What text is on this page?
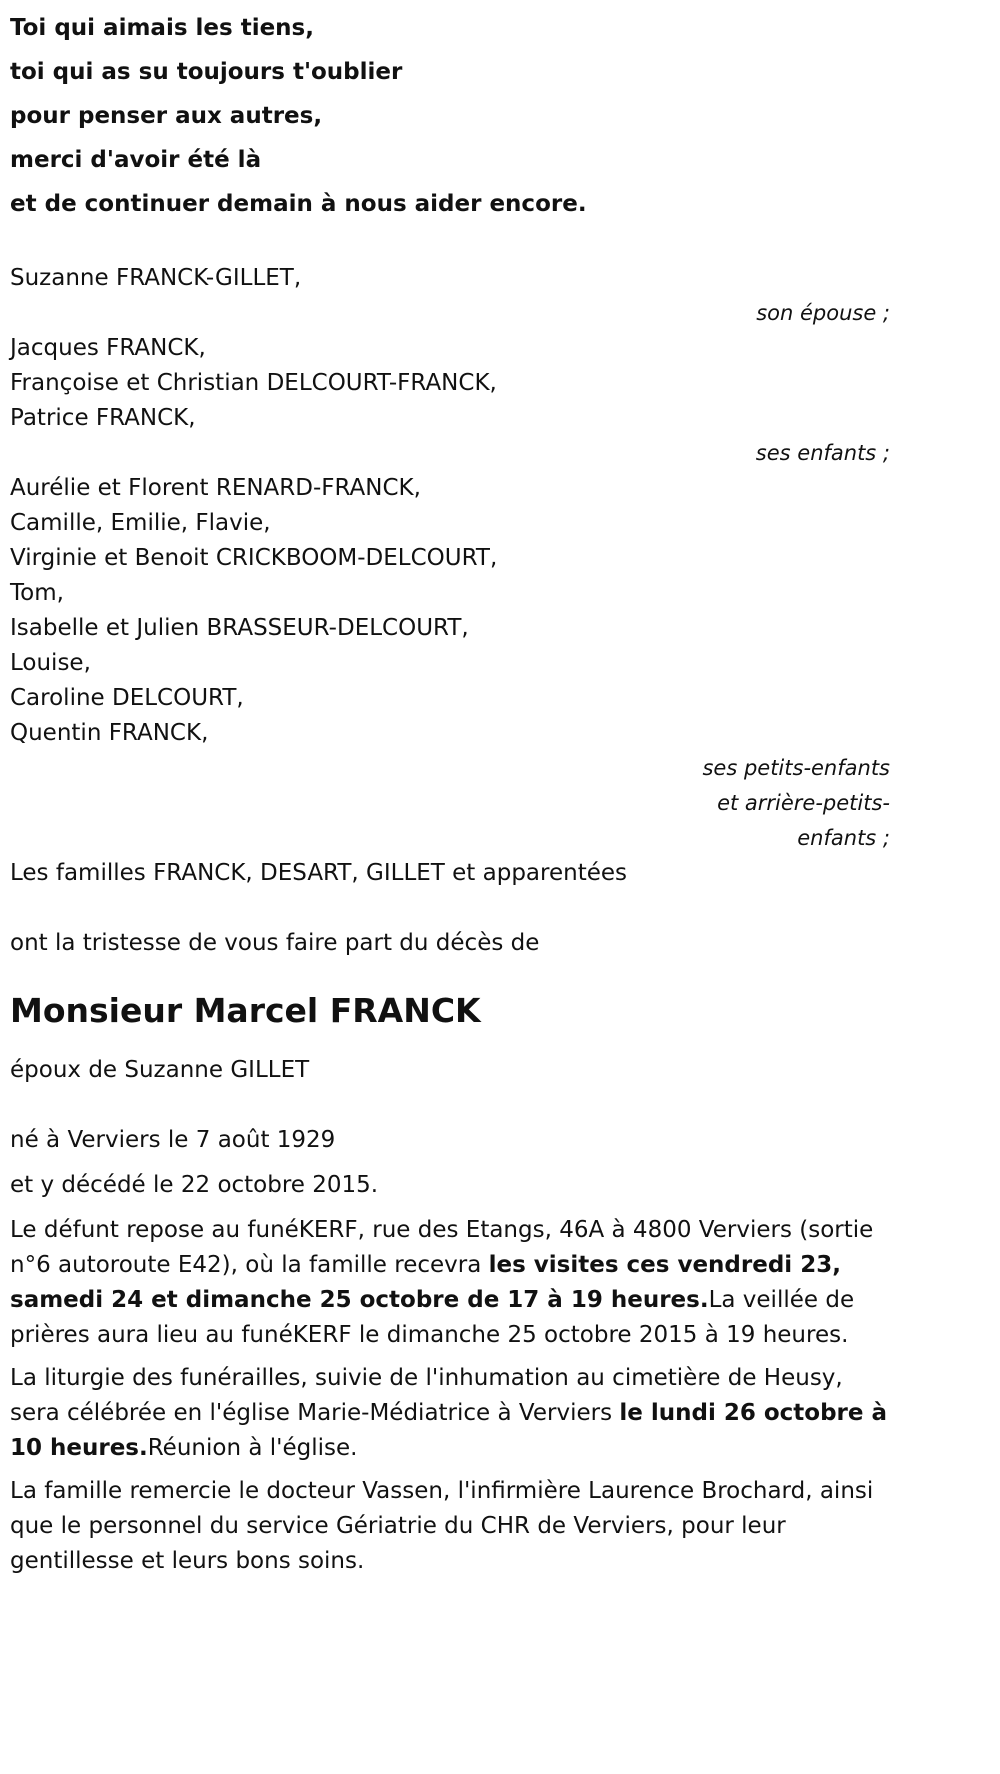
Toi qui aimais les tiens,
toi qui as su toujours t'oublier
pour penser aux autres,
merci d'avoir été là
et de continuer demain à nous aider encore.
Suzanne FRANCK-GILLET,
son épouse ;
Jacques FRANCK,
Françoise et Christian DELCOURT-FRANCK,
Patrice FRANCK,
ses enfants ;
Aurélie et Florent RENARD-FRANCK,
Camille, Emilie, Flavie,
Virginie et Benoit CRICKBOOM-DELCOURT,
Tom,
Isabelle et Julien BRASSEUR-DELCOURT,
Louise,
Caroline DELCOURT,
Quentin FRANCK,
ses petits-enfants
et arrière-petits-
enfants ;
Les familles FRANCK, DESART, GILLET et apparentées
ont la tristesse de vous faire part du décès de
Monsieur Marcel FRANCK
époux de Suzanne GILLET
né à Verviers le 7 août 1929
et y décédé le 22 octobre 2015.

Le défunt repose au funéKERF, rue des Etangs, 46A à 4800 Verviers (sortie n°6 autoroute E42), où la famille recevra les visites ces vendredi 23, samedi 24 et dimanche 25 octobre de 17 à 19 heures.La veillée de prières aura lieu au funéKERF le dimanche 25 octobre 2015 à 19 heures.

La liturgie des funérailles, suivie de l'inhumation au cimetière de Heusy, sera célébrée en l'église Marie-Médiatrice à Verviers le lundi 26 octobre à 10 heures.Réunion à l'église.

La famille remercie le docteur Vassen, l'infirmière Laurence Brochard, ainsi que le personnel du service Gériatrie du CHR de Verviers, pour leur gentillesse et leurs bons soins.
